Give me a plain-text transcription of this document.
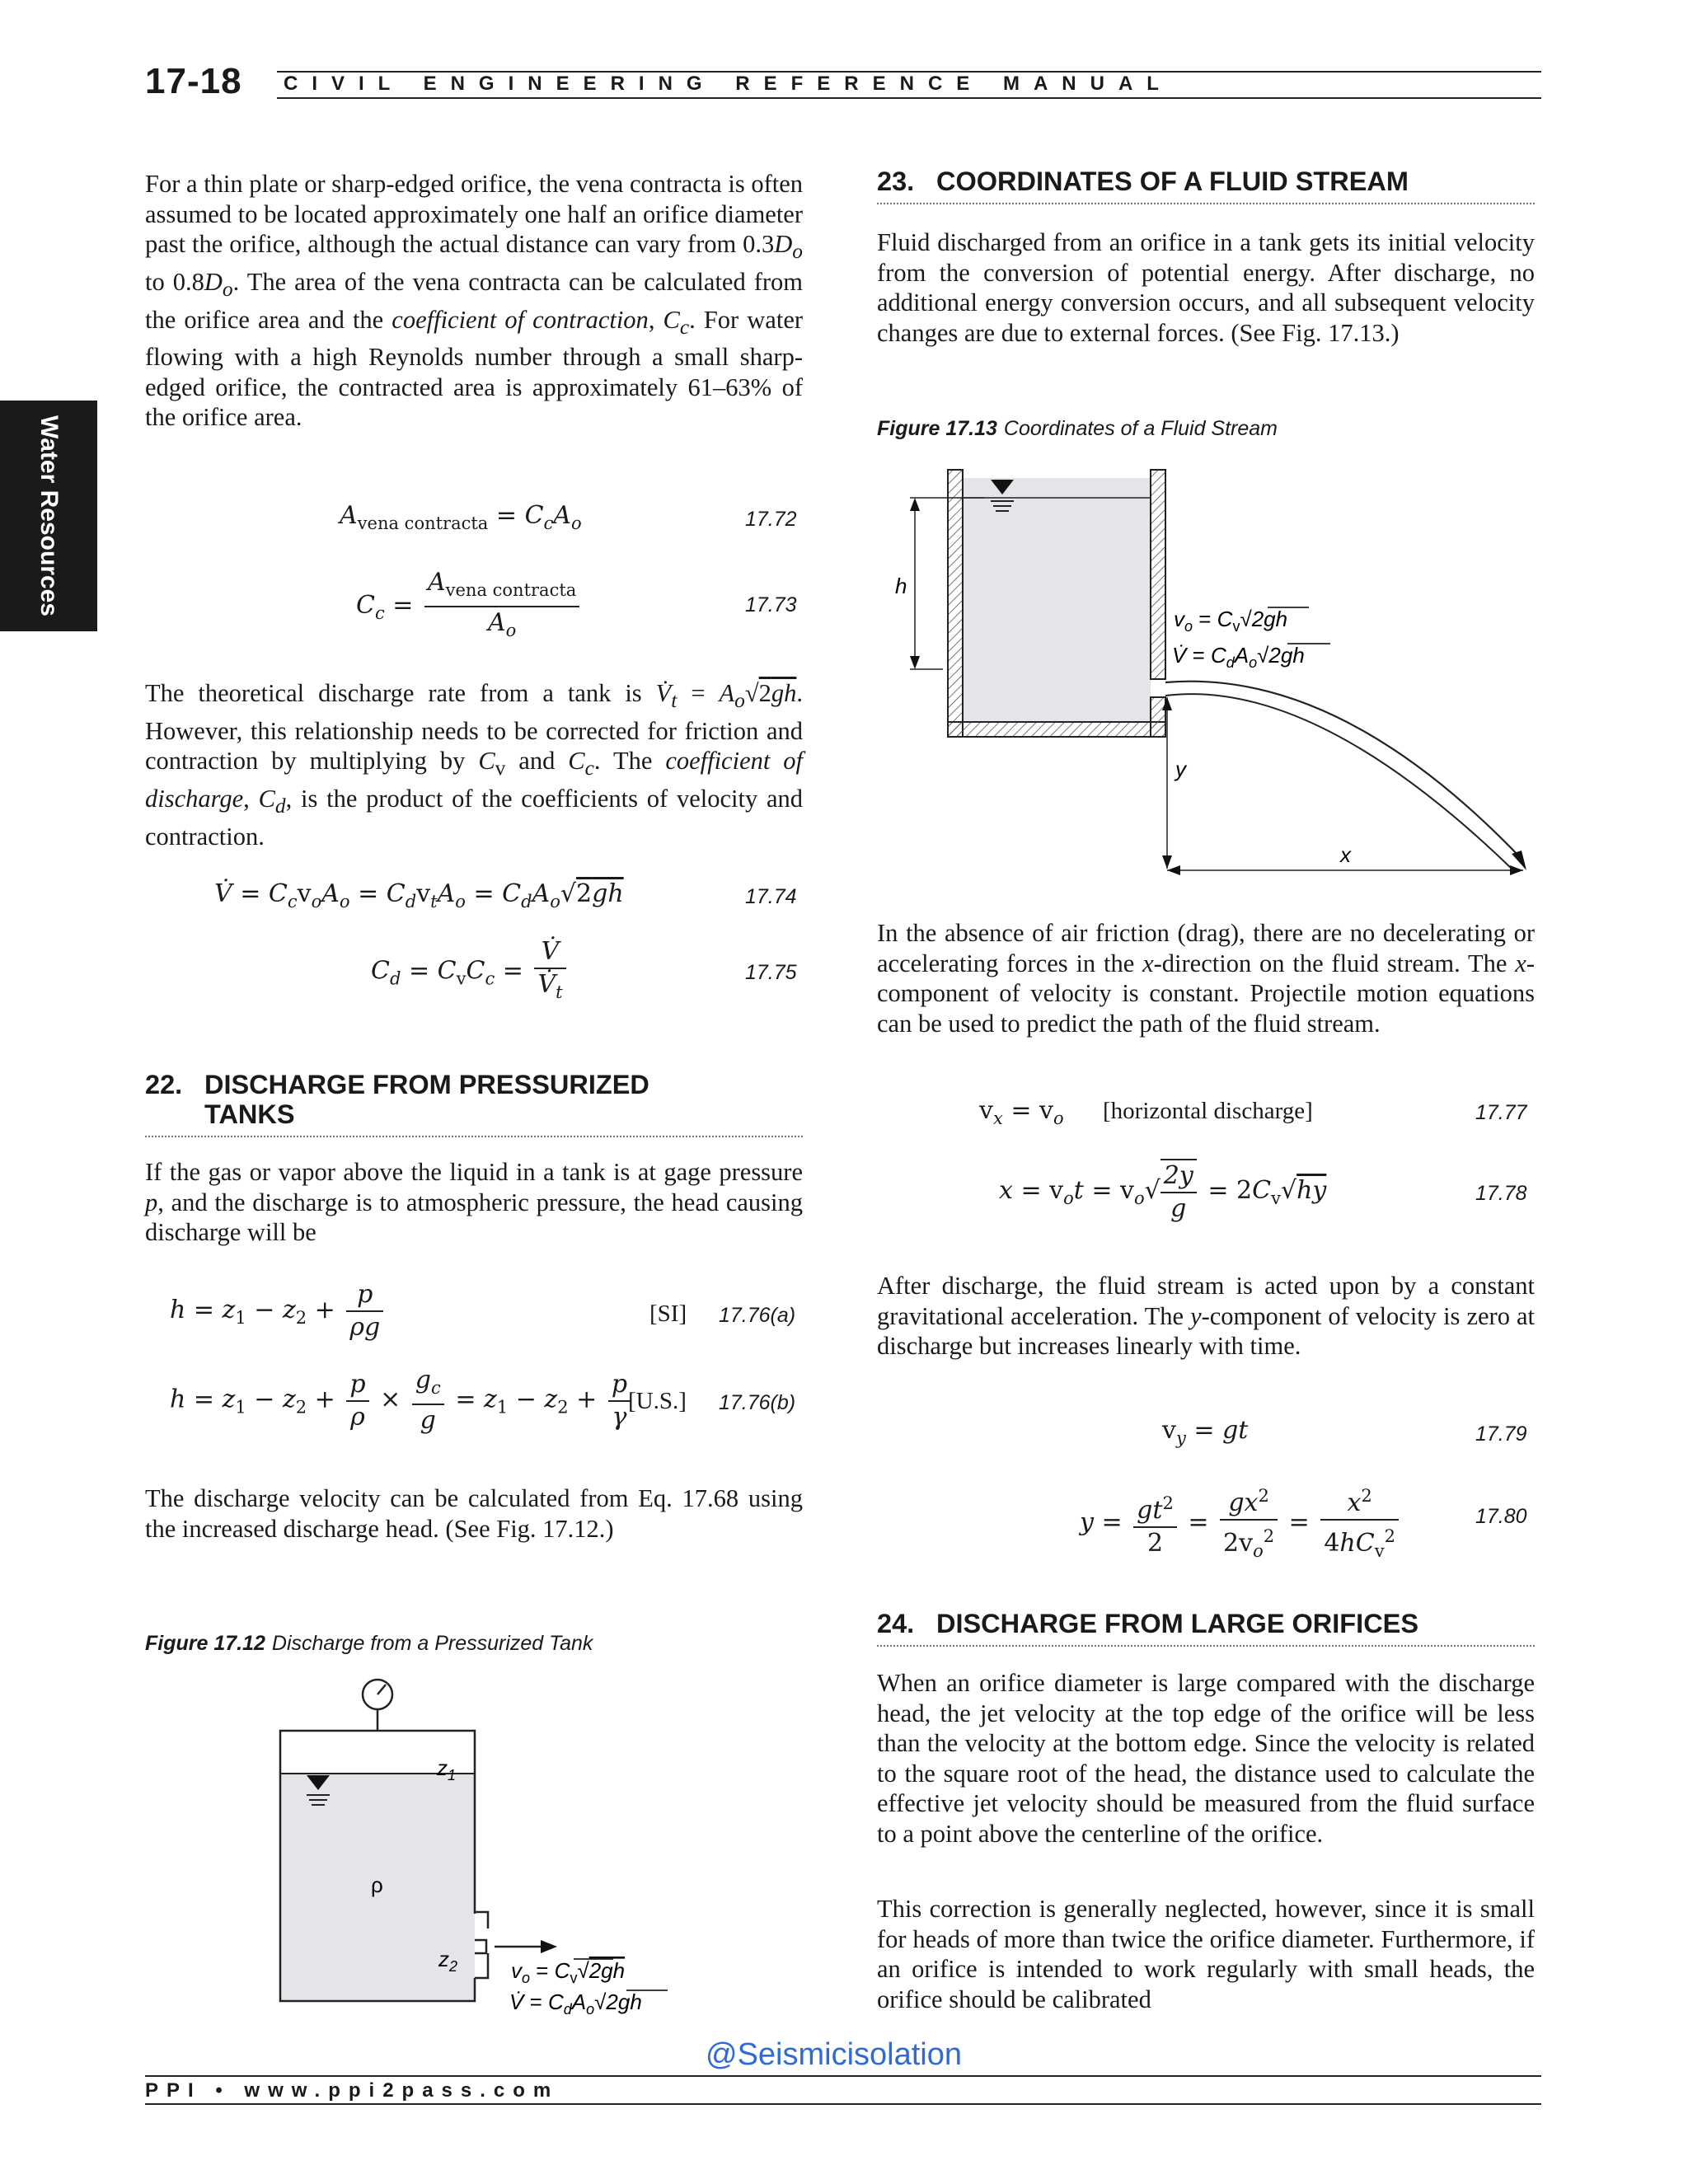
17-18 CIVIL ENGINEERING REFERENCE MANUAL
Water Resources
For a thin plate or sharp-edged orifice, the vena contracta is often assumed to be located approximately one half an orifice diameter past the orifice, although the actual distance can vary from $0.3D_o$ to $0.8D_o$. The area of the vena contracta can be calculated from the orifice area and the coefficient of contraction, $C_c$. For water flowing with a high Reynolds number through a small sharp-edged orifice, the contracted area is approximately 61–63% of the orifice area.
$A_{vena contracta} = C_cA_o$	17.72
$C_c = \frac{A_{vena contracta}}{A_o}$	17.73
The theoretical discharge rate from a tank is $V̇_t = A_o√2gh$. However, this relationship needs to be corrected for friction and contraction by multiplying by $C_v$ and $C_c$. The coefficient of discharge, $C_d$, is the product of the coefficients of velocity and contraction.
V̇ = $C_cv_oA_o = C_dv_tA_o = C_dA_o√2gh$	17.74
$C_d = C_vC_c = \frac{V̇}{V̇_t}$	17.75
22. DISCHARGE FROM PRESSURIZED
TANKS
If the gas or vapor above the liquid in a tank is at gage pressure p, and the discharge is to atmospheric pressure, the head causing discharge will be
$h = z_1 - z_2 + \frac{p}{\rho g}$	[SI] 17.76(a)
$h = z_1 - z_2 + \frac{p}{\rho} \times \frac{g_c}{g} = z_1 - z_2 + \frac{p}{\gamma}$
[U.S.] 17.76(b)
The discharge velocity can be calculated from Eq. 17.68 using the increased discharge head. (See Fig. 17.12.)
Figure 17.12 Discharge from a Pressurized Tank
$z_1$
ρ
$z_2$ $v_o = C_v√2gh$
V̇ = $C_dA_o√2gh$
23. COORDINATES OF A FLUID STREAM
Fluid discharged from an orifice in a tank gets its initial velocity from the conversion of potential energy. After discharge, no additional energy conversion occurs, and all subsequent velocity changes are due to external forces. (See Fig. 17.13.)
Figure 17.13 Coordinates of a Fluid Stream
h
$v_o = C_v√2gh$
V̇ = $C_dA_o√2gh$
y
x
In the absence of air friction (drag), there are no decelerating or accelerating forces in the x-direction on the fluid stream. The x-component of velocity is constant. Projectile motion equations can be used to predict the path of the fluid stream.
$v_x = v_o$ [horizontal discharge]	17.77
$x = v_ot = v_o√ \frac{2y}{g} = 2C_v√hy$	17.78
After discharge, the fluid stream is acted upon by a constant gravitational acceleration. The y-component of velocity is zero at discharge but increases linearly with time.
$v_y$ = gt	17.79
$y = \frac{gt^2}{2} = \frac{gx^2}{2v_o^2} = \frac{x^2}{4hC_v^2}$	17.80
24. DISCHARGE FROM LARGE ORIFICES
When an orifice diameter is large compared with the discharge head, the jet velocity at the top edge of the orifice will be less than the velocity at the bottom edge. Since the velocity is related to the square root of the head, the distance used to calculate the effective jet velocity should be measured from the fluid surface to a point above the centerline of the orifice.
This correction is generally neglected, however, since it is small for heads of more than twice the orifice diameter. Furthermore, if an orifice is intended to work regularly with small heads, the orifice should be calibrated
@Seismicisolation
PPI • www.ppi2pass.com
